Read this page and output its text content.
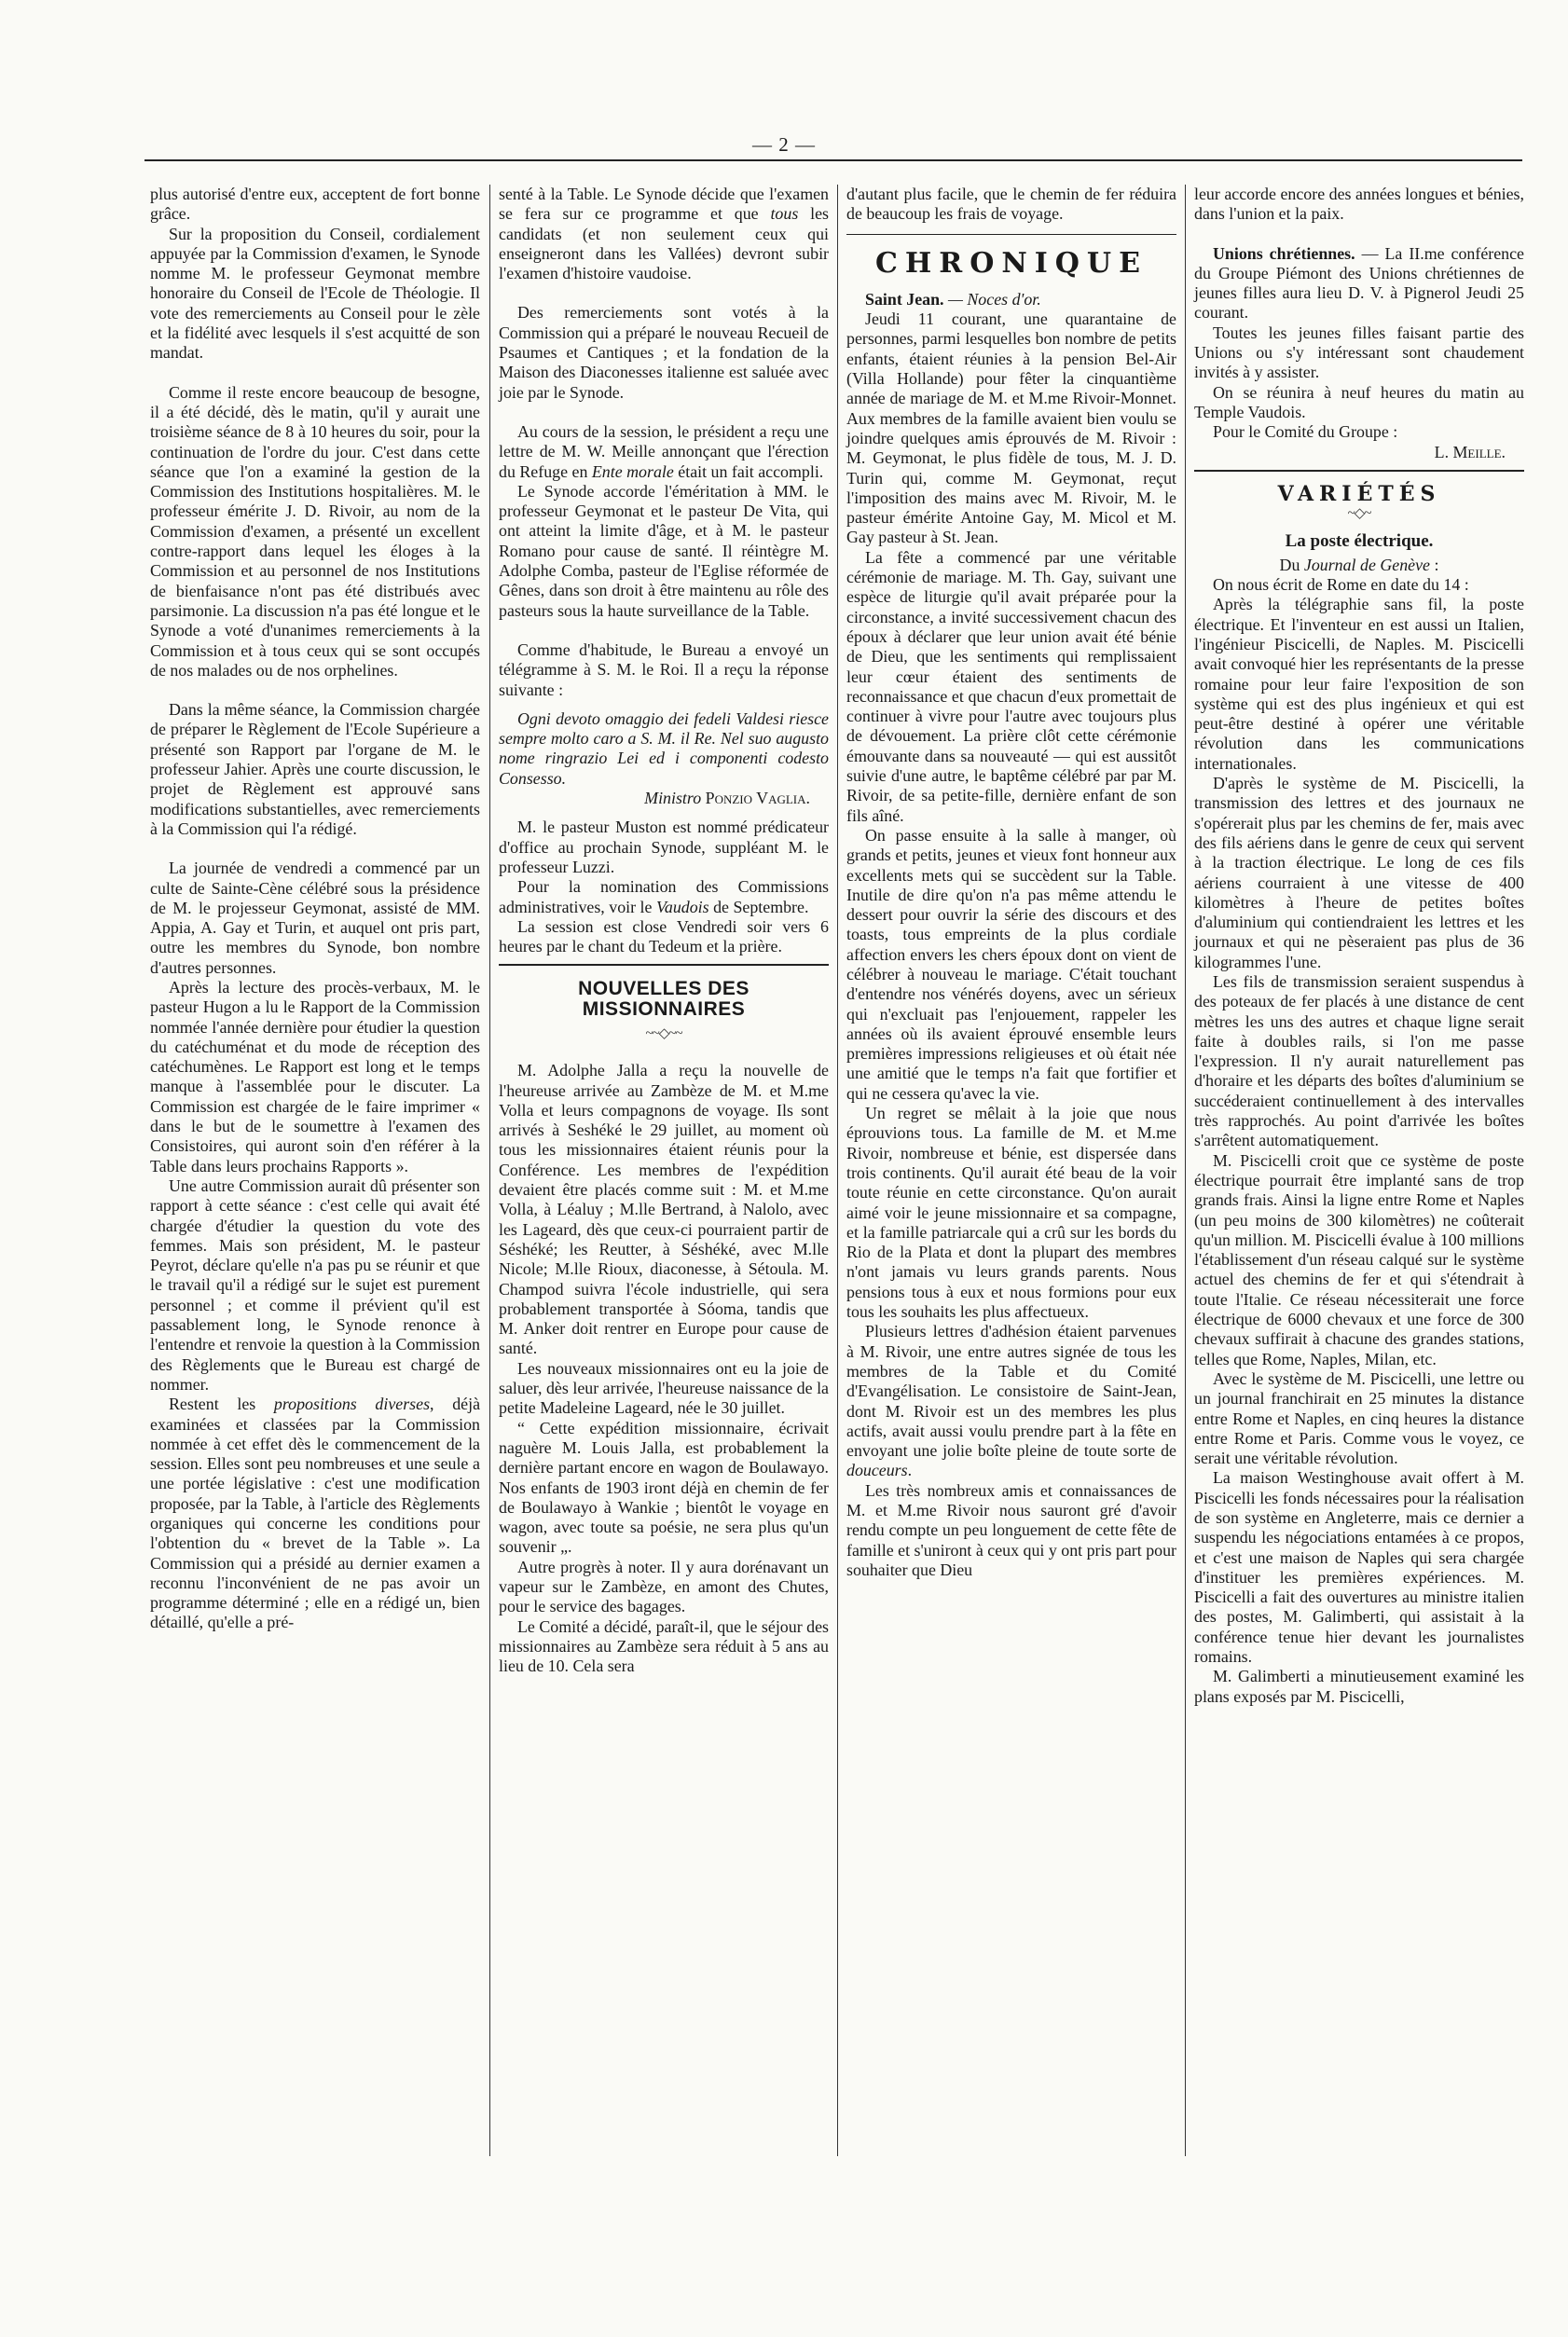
— 2 —

plus autorisé d'entre eux, acceptent de fort bonne grâce.

Sur la proposition du Conseil, cordialement appuyée par la Commission d'examen, le Synode nomme M. le professeur Geymonat membre honoraire du Conseil de l'Ecole de Théologie. Il vote des remerciements au Conseil pour le zèle et la fidélité avec lesquels il s'est acquitté de son mandat.

Comme il reste encore beaucoup de besogne, il a été décidé, dès le matin, qu'il y aurait une troisième séance de 8 à 10 heures du soir, pour la continuation de l'ordre du jour. C'est dans cette séance que l'on a examiné la gestion de la Commission des Institutions hospitalières. M. le professeur émérite J. D. Rivoir, au nom de la Commission d'examen, a présenté un excellent contre-rapport dans lequel les éloges à la Commission et au personnel de nos Institutions de bienfaisance n'ont pas été distribués avec parsimonie. La discussion n'a pas été longue et le Synode a voté d'unanimes remerciements à la Commission et à tous ceux qui se sont occupés de nos malades ou de nos orphelines.

Dans la même séance, la Commission chargée de préparer le Règlement de l'Ecole Supérieure a présenté son Rapport par l'organe de M. le professeur Jahier. Après une courte discussion, le projet de Règlement est approuvé sans modifications substantielles, avec remerciements à la Commission qui l'a rédigé.

La journée de vendredi a commencé par un culte de Sainte-Cène célébré sous la présidence de M. le projesseur Geymonat, assisté de MM. Appia, A. Gay et Turin, et auquel ont pris part, outre les membres du Synode, bon nombre d'autres personnes.

Après la lecture des procès-verbaux, M. le pasteur Hugon a lu le Rapport de la Commission nommée l'année dernière pour étudier la question du catéchuménat et du mode de réception des catéchumènes. Le Rapport est long et le temps manque à l'assemblée pour le discuter. La Commission est chargée de le faire imprimer « dans le but de le soumettre à l'examen des Consistoires, qui auront soin d'en référer à la Table dans leurs prochains Rapports ».

Une autre Commission aurait dû présenter son rapport à cette séance : c'est celle qui avait été chargée d'étudier la question du vote des femmes. Mais son président, M. le pasteur Peyrot, déclare qu'elle n'a pas pu se réunir et que le travail qu'il a rédigé sur le sujet est purement personnel ; et comme il prévient qu'il est passablement long, le Synode renonce à l'entendre et renvoie la question à la Commission des Règlements que le Bureau est chargé de nommer.

Restent les propositions diverses, déjà examinées et classées par la Commission nommée à cet effet dès le commencement de la session. Elles sont peu nombreuses et une seule a une portée législative : c'est une modification proposée, par la Table, à l'article des Règlements organiques qui concerne les conditions pour l'obtention du « brevet de la Table ». La Commission qui a présidé au dernier examen a reconnu l'inconvénient de ne pas avoir un programme déterminé ; elle en a rédigé un, bien détaillé, qu'elle a pré-

senté à la Table. Le Synode décide que l'examen se fera sur ce programme et que tous les candidats (et non seulement ceux qui enseigneront dans les Vallées) devront subir l'examen d'histoire vaudoise.

Des remerciements sont votés à la Commission qui a préparé le nouveau Recueil de Psaumes et Cantiques ; et la fondation de la Maison des Diaconesses italienne est saluée avec joie par le Synode.

Au cours de la session, le président a reçu une lettre de M. W. Meille annonçant que l'érection du Refuge en Ente morale était un fait accompli.

Le Synode accorde l'éméritation à MM. le professeur Geymonat et le pasteur De Vita, qui ont atteint la limite d'âge, et à M. le pasteur Romano pour cause de santé. Il réintègre M. Adolphe Comba, pasteur de l'Eglise réformée de Gênes, dans son droit à être maintenu au rôle des pasteurs sous la haute surveillance de la Table.

Comme d'habitude, le Bureau a envoyé un télégramme à S. M. le Roi. Il a reçu la réponse suivante :

Ogni devoto omaggio dei fedeli Valdesi riesce sempre molto caro a S. M. il Re. Nel suo augusto nome ringrazio Lei ed i componenti codesto Consesso.

Ministro Ponzio Vaglia.

M. le pasteur Muston est nommé prédicateur d'office au prochain Synode, suppléant M. le professeur Luzzi.

Pour la nomination des Commissions administratives, voir le Vaudois de Septembre.

La session est close Vendredi soir vers 6 heures par le chant du Tedeum et la prière.

NOUVELLES DES MISSIONNAIRES
~~◇~~

M. Adolphe Jalla a reçu la nouvelle de l'heureuse arrivée au Zambèze de M. et M.me Volla et leurs compagnons de voyage. Ils sont arrivés à Seshéké le 29 juillet, au moment où tous les missionnaires étaient réunis pour la Conférence. Les membres de l'expédition devaient être placés comme suit : M. et M.me Volla, à Léaluy ; M.lle Bertrand, à Nalolo, avec les Lageard, dès que ceux-ci pourraient partir de Séshéké; les Reutter, à Séshéké, avec M.lle Nicole; M.lle Rioux, diaconesse, à Sétoula. M. Champod suivra l'école industrielle, qui sera probablement transportée à Sóoma, tandis que M. Anker doit rentrer en Europe pour cause de santé.

Les nouveaux missionnaires ont eu la joie de saluer, dès leur arrivée, l'heureuse naissance de la petite Madeleine Lageard, née le 30 juillet.

“ Cette expédition missionnaire, écrivait naguère M. Louis Jalla, est probablement la dernière partant encore en wagon de Boulawayo. Nos enfants de 1903 iront déjà en chemin de fer de Boulawayo à Wankie ; bientôt le voyage en wagon, avec toute sa poésie, ne sera plus qu'un souvenir „.

Autre progrès à noter. Il y aura dorénavant un vapeur sur le Zambèze, en amont des Chutes, pour le service des bagages.

Le Comité a décidé, paraît-il, que le séjour des missionnaires au Zambèze sera réduit à 5 ans au lieu de 10. Cela sera

d'autant plus facile, que le chemin de fer réduira de beaucoup les frais de voyage.

CHRONIQUE

Saint Jean. — Noces d'or.

Jeudi 11 courant, une quarantaine de personnes, parmi lesquelles bon nombre de petits enfants, étaient réunies à la pension Bel-Air (Villa Hollande) pour fêter la cinquantième année de mariage de M. et M.me Rivoir-Monnet. Aux membres de la famille avaient bien voulu se joindre quelques amis éprouvés de M. Rivoir : M. Geymonat, le plus fidèle de tous, M. J. D. Turin qui, comme M. Geymonat, reçut l'imposition des mains avec M. Rivoir, M. le pasteur émérite Antoine Gay, M. Micol et M. Gay pasteur à St. Jean.

La fête a commencé par une véritable cérémonie de mariage. M. Th. Gay, suivant une espèce de liturgie qu'il avait préparée pour la circonstance, a invité successivement chacun des époux à déclarer que leur union avait été bénie de Dieu, que les sentiments qui remplissaient leur cœur étaient des sentiments de reconnaissance et que chacun d'eux promettait de continuer à vivre pour l'autre avec toujours plus de dévouement. La prière clôt cette cérémonie émouvante dans sa nouveauté — qui est aussitôt suivie d'une autre, le baptême célébré par par M. Rivoir, de sa petite-fille, dernière enfant de son fils aîné.

On passe ensuite à la salle à manger, où grands et petits, jeunes et vieux font honneur aux excellents mets qui se succèdent sur la Table. Inutile de dire qu'on n'a pas même attendu le dessert pour ouvrir la série des discours et des toasts, tous empreints de la plus cordiale affection envers les chers époux dont on vient de célébrer à nouveau le mariage. C'était touchant d'entendre nos vénérés doyens, avec un sérieux qui n'excluait pas l'enjouement, rappeler les années où ils avaient éprouvé ensemble leurs premières impressions religieuses et où était née une amitié que le temps n'a fait que fortifier et qui ne cessera qu'avec la vie.

Un regret se mêlait à la joie que nous éprouvions tous. La famille de M. et M.me Rivoir, nombreuse et bénie, est dispersée dans trois continents. Qu'il aurait été beau de la voir toute réunie en cette circonstance. Qu'on aurait aimé voir le jeune missionnaire et sa compagne, et la famille patriarcale qui a crû sur les bords du Rio de la Plata et dont la plupart des membres n'ont jamais vu leurs grands parents. Nous pensions tous à eux et nous formions pour eux tous les souhaits les plus affectueux.

Plusieurs lettres d'adhésion étaient parvenues à M. Rivoir, une entre autres signée de tous les membres de la Table et du Comité d'Evangélisation. Le consistoire de Saint-Jean, dont M. Rivoir est un des membres les plus actifs, avait aussi voulu prendre part à la fête en envoyant une jolie boîte pleine de toute sorte de douceurs.

Les très nombreux amis et connaissances de M. et M.me Rivoir nous sauront gré d'avoir rendu compte un peu longuement de cette fête de famille et s'uniront à ceux qui y ont pris part pour souhaiter que Dieu

leur accorde encore des années longues et bénies, dans l'union et la paix.

Unions chrétiennes. — La II.me conférence du Groupe Piémont des Unions chrétiennes de jeunes filles aura lieu D. V. à Pignerol Jeudi 25 courant.

Toutes les jeunes filles faisant partie des Unions ou s'y intéressant sont chaudement invités à y assister.

On se réunira à neuf heures du matin au Temple Vaudois.

Pour le Comité du Groupe :

L. Meille.

VARIÉTÉS
~◇~
La poste électrique.

Du Journal de Genève :

On nous écrit de Rome en date du 14 :

Après la télégraphie sans fil, la poste électrique. Et l'inventeur en est aussi un Italien, l'ingénieur Piscicelli, de Naples. M. Piscicelli avait convoqué hier les représentants de la presse romaine pour leur faire l'exposition de son système qui est des plus ingénieux et qui est peut-être destiné à opérer une véritable révolution dans les communications internationales.

D'après le système de M. Piscicelli, la transmission des lettres et des journaux ne s'opérerait plus par les chemins de fer, mais avec des fils aériens dans le genre de ceux qui servent à la traction électrique. Le long de ces fils aériens courraient à une vitesse de 400 kilomètres à l'heure de petites boîtes d'aluminium qui contiendraient les lettres et les journaux et qui ne pèseraient pas plus de 36 kilogrammes l'une.

Les fils de transmission seraient suspendus à des poteaux de fer placés à une distance de cent mètres les uns des autres et chaque ligne serait faite à doubles rails, si l'on me passe l'expression. Il n'y aurait naturellement pas d'horaire et les départs des boîtes d'aluminium se succéderaient continuellement à des intervalles très rapprochés. Au point d'arrivée les boîtes s'arrêtent automatiquement.

M. Piscicelli croit que ce système de poste électrique pourrait être implanté sans de trop grands frais. Ainsi la ligne entre Rome et Naples (un peu moins de 300 kilomètres) ne coûterait qu'un million. M. Piscicelli évalue à 100 millions l'établissement d'un réseau calqué sur le système actuel des chemins de fer et qui s'étendrait à toute l'Italie. Ce réseau nécessiterait une force électrique de 6000 chevaux et une force de 300 chevaux suffirait à chacune des grandes stations, telles que Rome, Naples, Milan, etc.

Avec le système de M. Piscicelli, une lettre ou un journal franchirait en 25 minutes la distance entre Rome et Naples, en cinq heures la distance entre Rome et Paris. Comme vous le voyez, ce serait une véritable révolution.

La maison Westinghouse avait offert à M. Piscicelli les fonds nécessaires pour la réalisation de son système en Angleterre, mais ce dernier a suspendu les négociations entamées à ce propos, et c'est une maison de Naples qui sera chargée d'instituer les premières expériences. M. Piscicelli a fait des ouvertures au ministre italien des postes, M. Galimberti, qui assistait à la conférence tenue hier devant les journalistes romains.

M. Galimberti a minutieusement examiné les plans exposés par M. Piscicelli,
